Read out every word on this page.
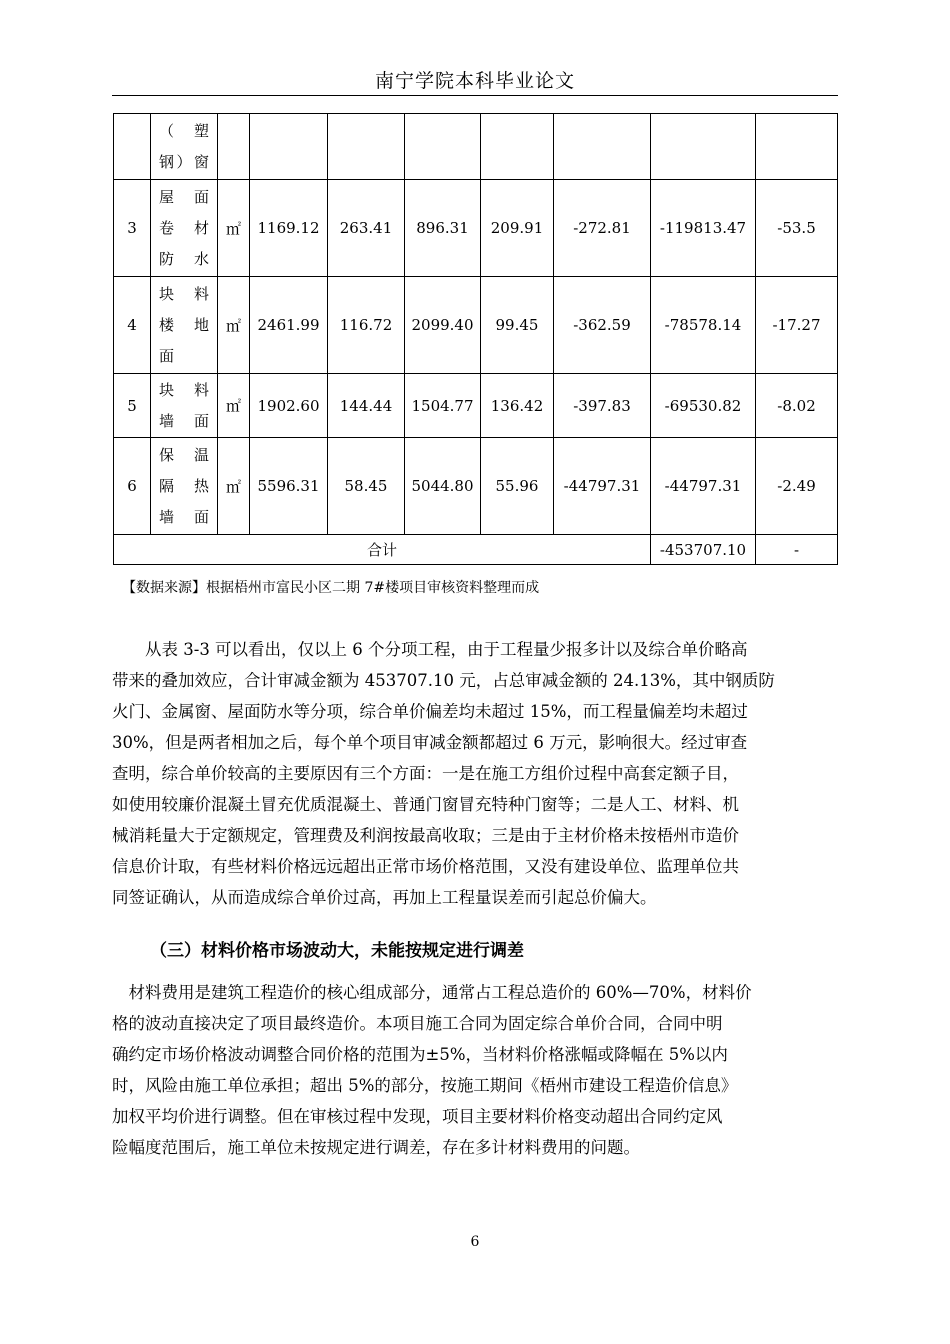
南宁学院本科毕业论文

	（　塑
钢）窗								

3	屋　面
卷　材
防水	㎡	1169.12	263.41	896.31	209.91	-272.81	-119813.47	-53.5
4	块　料
楼　地
面	㎡	2461.99	116.72	2099.40	99.45	-362.59	-78578.14	-17.27
5	块　料
墙面	㎡	1902.60	144.44	1504.77	136.42	-397.83	-69530.82	-8.02
6	保　温
隔　热
墙面	㎡	5596.31	58.45	5044.80	55.96	-44797.31	-44797.31	-2.49
合计								-453707.10	-
【数据来源】根据梧州市富民小区二期 7#楼项目审核资料整理而成
　　从表 3-3 可以看出，仅以上 6 个分项工程，由于工程量少报多计以及综合单价略高
带来的叠加效应，合计审减金额为 453707.10 元，占总审减金额的 24.13%，其中钢质防
火门、金属窗、屋面防水等分项，综合单价偏差均未超过 15%，而工程量偏差均未超过
30%，但是两者相加之后，每个单个项目审减金额都超过 6 万元，影响很大。经过审查
查明，综合单价较高的主要原因有三个方面：一是在施工方组价过程中高套定额子目，
如使用较廉价混凝土冒充优质混凝土、普通门窗冒充特种门窗等；二是人工、材料、机
械消耗量大于定额规定，管理费及利润按最高收取；三是由于主材价格未按梧州市造价
信息价计取，有些材料价格远远超出正常市场价格范围，又没有建设单位、监理单位共
同签证确认，从而造成综合单价过高，再加上工程量误差而引起总价偏大。
（三）材料价格市场波动大，未能按规定进行调差
　材料费用是建筑工程造价的核心组成部分，通常占工程总造价的 60%—70%，材料价
格的波动直接决定了项目最终造价。本项目施工合同为固定综合单价合同，合同中明
确约定市场价格波动调整合同价格的范围为±5%，当材料价格涨幅或降幅在 5%以内
时，风险由施工单位承担；超出 5%的部分，按施工期间《梧州市建设工程造价信息》
加权平均价进行调整。但在审核过程中发现，项目主要材料价格变动超出合同约定风
险幅度范围后，施工单位未按规定进行调差，存在多计材料费用的问题。
6
